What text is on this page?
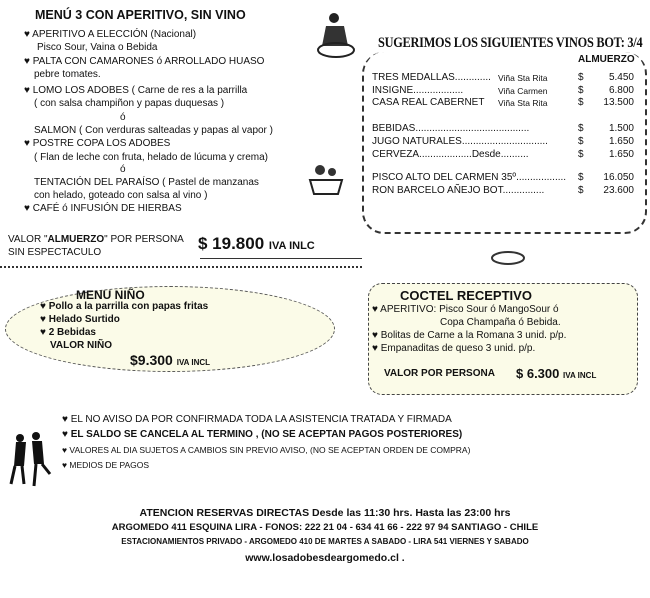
MENÚ 3 CON APERITIVO, SIN VINO
♥ APERITIVO A ELECCIÓN (Nacional)
Pisco Sour, Vaina o Bebida
♥ PALTA CON CAMARONES ó ARROLLADO HUASO
pebre tomates.
♥ LOMO LOS ADOBES ( Carne de res a la parrilla
( con salsa champiñon y papas duquesas )
ó
SALMON ( Con verduras salteadas y papas al vapor )
♥ POSTRE COPA LOS ADOBES
( Flan de leche con fruta, helado de lúcuma y crema)
ó
TENTACIÓN DEL PARAÍSO ( Pastel de manzanas
con helado, goteado con salsa al vino )
♥ CAFÉ ó INFUSIÓN DE HIERBAS
SUGERIMOS LOS SIGUIENTES VINOS BOT: 3/4
ALMUERZO
TRES MEDALLAS............. Viña Sta Rita	$	5.450
INSIGNE..................	Viña Carmen	$	6.800
CASA REAL CABERNET Viña Sta Rita	$ 13.500
BEBIDAS.........................................	$	1.500
JUGO NATURALES...............................	$	1.650
CERVEZA...................Desde..........	$	1.650
PISCO ALTO DEL CARMEN 35º.................. $ 16.050
RON BARCELO AÑEJO BOT...............	$ 23.600
VALOR "ALMUERZO" POR PERSONA
SIN ESPECTACULO	$ 19.800 IVA INLC
MENU NIÑO
♥ Pollo a la parrilla con papas fritas
♥ Helado Surtido
♥ 2 Bebidas
VALOR NIÑO
$9.300 IVA INCL
COCTEL RECEPTIVO
♥ APERITIVO: Pisco Sour ó MangoSour ó
Copa Champaña ó Bebida.
♥ Bolitas de Carne a la Romana 3 unid. p/p.
♥ Empanaditas de queso 3 unid. p/p.
VALOR POR PERSONA $ 6.300 IVA INCL
♥ EL NO AVISO DA POR CONFIRMADA TODA LA ASISTENCIA TRATADA Y FIRMADA
♥ EL SALDO SE CANCELA AL TERMINO , (NO SE ACEPTAN PAGOS POSTERIORES)
♥ VALORES AL DIA SUJETOS A CAMBIOS SIN PREVIO AVISO, (NO SE ACEPTAN ORDEN DE COMPRA)
♥ MEDIOS DE PAGOS
ATENCION RESERVAS DIRECTAS Desde las 11:30 hrs. Hasta las 23:00 hrs
ARGOMEDO 411 ESQUINA LIRA - FONOS: 222 21 04 - 634 41 66 - 222 97 94 SANTIAGO - CHILE
ESTACIONAMIENTOS PRIVADO - ARGOMEDO 410 DE MARTES A SABADO - LIRA 541 VIERNES Y SABADO
www.losadobesdeargomedo.cl .
